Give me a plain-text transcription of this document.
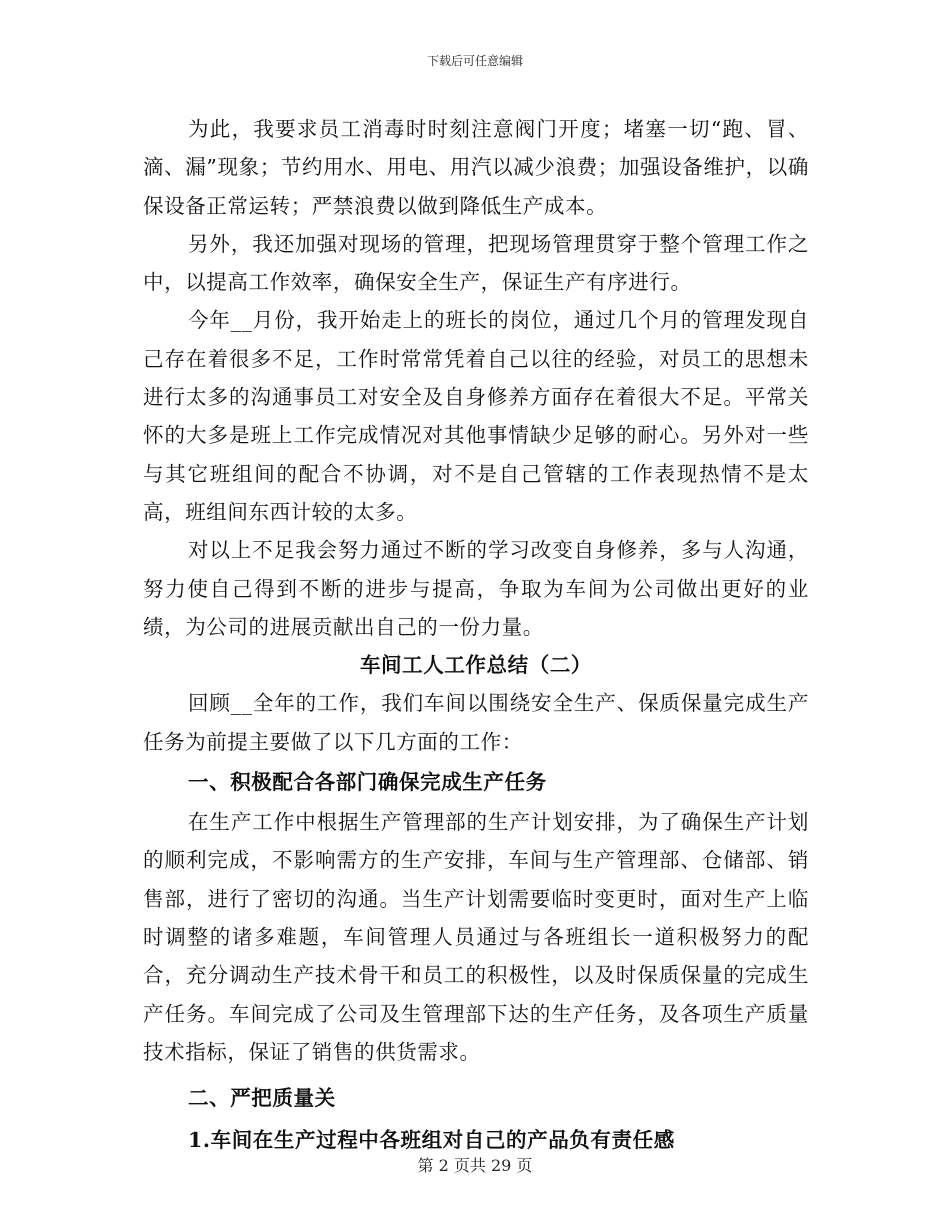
下载后可任意编辑

为此，我要求员工消毒时时刻注意阀门开度；堵塞一切“跑、冒、滴、漏”现象；节约用水、用电、用汽以减少浪费；加强设备维护，以确保设备正常运转；严禁浪费以做到降低生产成本。

另外，我还加强对现场的管理，把现场管理贯穿于整个管理工作之中，以提高工作效率，确保安全生产，保证生产有序进行。

今年__月份，我开始走上的班长的岗位，通过几个月的管理发现自己存在着很多不足，工作时常常凭着自己以往的经验，对员工的思想未进行太多的沟通事员工对安全及自身修养方面存在着很大不足。平常关怀的大多是班上工作完成情况对其他事情缺少足够的耐心。另外对一些与其它班组间的配合不协调，对不是自己管辖的工作表现热情不是太高，班组间东西计较的太多。

对以上不足我会努力通过不断的学习改变自身修养，多与人沟通，努力使自己得到不断的进步与提高，争取为车间为公司做出更好的业绩，为公司的进展贡献出自己的一份力量。

车间工人工作总结（二）

回顾__全年的工作，我们车间以围绕安全生产、保质保量完成生产任务为前提主要做了以下几方面的工作：

一、积极配合各部门确保完成生产任务

在生产工作中根据生产管理部的生产计划安排，为了确保生产计划的顺利完成，不影响需方的生产安排，车间与生产管理部、仓储部、销售部，进行了密切的沟通。当生产计划需要临时变更时，面对生产上临时调整的诸多难题，车间管理人员通过与各班组长一道积极努力的配合，充分调动生产技术骨干和员工的积极性，以及时保质保量的完成生产任务。车间完成了公司及生管理部下达的生产任务，及各项生产质量技术指标，保证了销售的供货需求。

二、严把质量关

1.车间在生产过程中各班组对自己的产品负有责任感

第 2 页共 29 页
